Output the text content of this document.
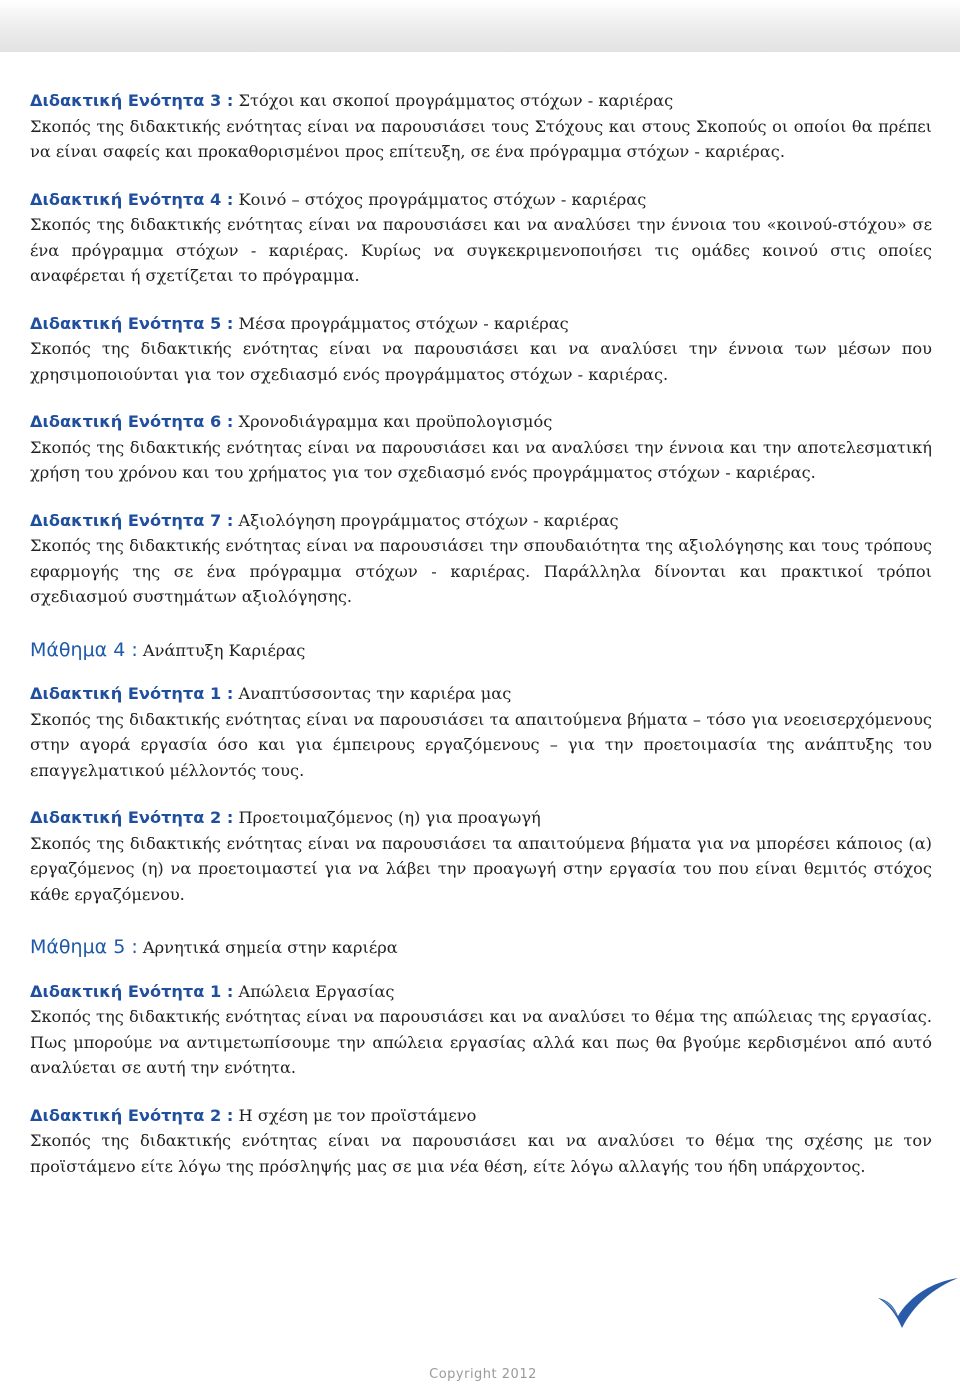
Διδακτική Ενότητα 3 : Στόχοι και σκοποί προγράμματος στόχων - καριέρας
Σκοπός της διδακτικής ενότητας είναι να παρουσιάσει τους Στόχους και στους Σκοπούς οι οποίοι θα πρέπει να είναι σαφείς και προκαθορισμένοι προς επίτευξη, σε ένα πρόγραμμα στόχων - καριέρας.
Διδακτική Ενότητα 4 : Κοινό – στόχος προγράμματος στόχων - καριέρας
Σκοπός της διδακτικής ενότητας είναι να παρουσιάσει και να αναλύσει την έννοια του «κοινού-στόχου» σε ένα πρόγραμμα στόχων - καριέρας. Κυρίως να συγκεκριμενοποιήσει τις ομάδες κοινού στις οποίες αναφέρεται ή σχετίζεται το πρόγραμμα.
Διδακτική Ενότητα 5 : Μέσα προγράμματος στόχων - καριέρας
Σκοπός της διδακτικής ενότητας είναι να παρουσιάσει και να αναλύσει την έννοια των μέσων που χρησιμοποιούνται για τον σχεδιασμό ενός προγράμματος στόχων - καριέρας.
Διδακτική Ενότητα 6 : Χρονοδιάγραμμα και προϋπολογισμός
Σκοπός της διδακτικής ενότητας είναι να παρουσιάσει και να αναλύσει την έννοια και την αποτελεσματική χρήση του χρόνου και του χρήματος για τον σχεδιασμό ενός προγράμματος στόχων - καριέρας.
Διδακτική Ενότητα 7 : Αξιολόγηση προγράμματος στόχων - καριέρας
Σκοπός της διδακτικής ενότητας είναι να παρουσιάσει την σπουδαιότητα της αξιολόγησης και τους τρόπους εφαρμογής της σε ένα πρόγραμμα στόχων - καριέρας. Παράλληλα δίνονται και πρακτικοί τρόποι σχεδιασμού συστημάτων αξιολόγησης.
Μάθημα 4 : Ανάπτυξη Καριέρας
Διδακτική Ενότητα 1 : Αναπτύσσοντας την καριέρα μας
Σκοπός της διδακτικής ενότητας είναι να παρουσιάσει τα απαιτούμενα βήματα – τόσο για νεοεισερχόμενους στην αγορά εργασία όσο και για έμπειρους εργαζόμενους – για την προετοιμασία της ανάπτυξης του επαγγελματικού μέλλοντός τους.
Διδακτική Ενότητα 2 : Προετοιμαζόμενος (η) για προαγωγή
Σκοπός της διδακτικής ενότητας είναι να παρουσιάσει τα απαιτούμενα βήματα για να μπορέσει κάποιος (α) εργαζόμενος (η) να προετοιμαστεί για να λάβει την προαγωγή στην εργασία του που είναι θεμιτός στόχος κάθε εργαζόμενου.
Μάθημα 5 : Αρνητικά σημεία στην καριέρα
Διδακτική Ενότητα 1 : Απώλεια Εργασίας
Σκοπός της διδακτικής ενότητας είναι να παρουσιάσει και να αναλύσει το θέμα της απώλειας της εργασίας. Πως μπορούμε να αντιμετωπίσουμε την απώλεια εργασίας αλλά και πως θα βγούμε κερδισμένοι από αυτό αναλύεται σε αυτή την ενότητα.
Διδακτική Ενότητα 2 : Η σχέση με τον προϊστάμενο
Σκοπός της διδακτικής ενότητας είναι να παρουσιάσει και να αναλύσει το θέμα της σχέσης με τον προϊστάμενο είτε λόγω της πρόσληψής μας σε μια νέα θέση, είτε λόγω αλλαγής του ήδη υπάρχοντος.
Copyright 2012
